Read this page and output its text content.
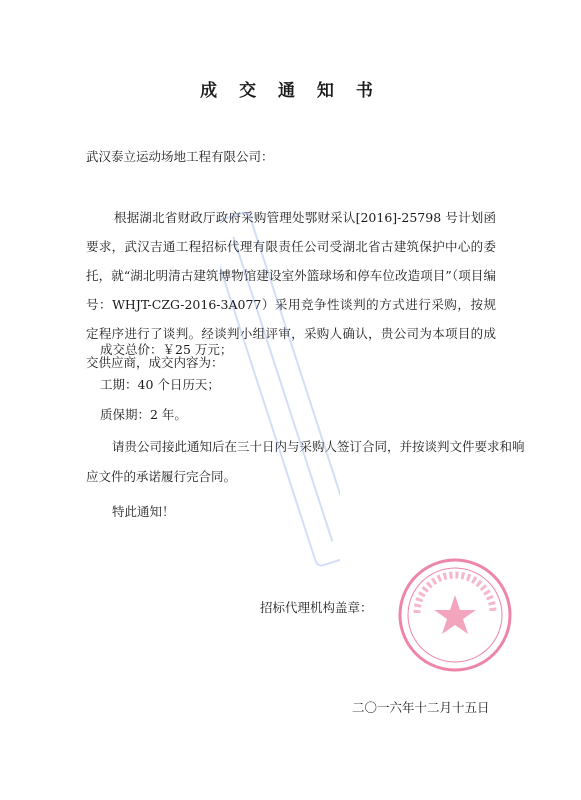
成 交 通 知 书
武汉泰立运动场地工程有限公司：
根据湖北省财政厅政府采购管理处鄂财采认[2016]-25798 号计划函要求，武汉吉通工程招标代理有限责任公司受湖北省古建筑保护中心的委托，就“湖北明清古建筑博物馆建设室外篮球场和停车位改造项目”（项目编号：WHJT-CZG-2016-3A077）采用竞争性谈判的方式进行采购，按规定程序进行了谈判。经谈判小组评审，采购人确认，贵公司为本项目的成交供应商，成交内容为：
成交总价：￥25 万元；
工期：40 个日历天；
质保期：2 年。
请贵公司接此通知后在三十日内与采购人签订合同，并按谈判文件要求和响
应文件的承诺履行完合同。
特此通知！
招标代理机构盖章：
二〇一六年十二月十五日
